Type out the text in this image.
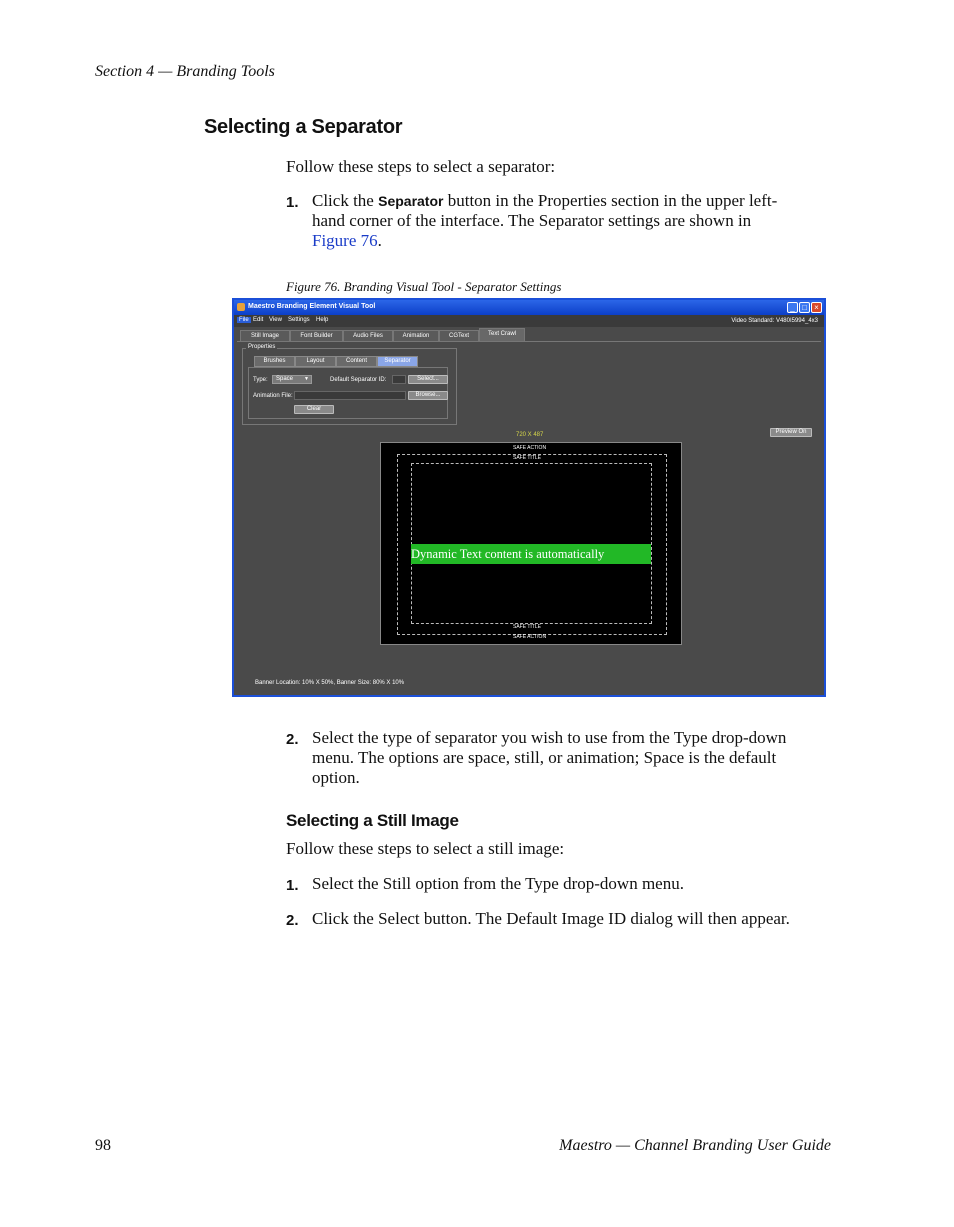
Section 4 — Branding Tools
Selecting a Separator
Follow these steps to select a separator:
1. Click the Separator button in the Properties section in the upper left-
hand corner of the interface. The Separator settings are shown in
Figure 76.
Figure 76. Branding Visual Tool - Separator Settings
Maestro Branding Element Visual Tool	_ □ ×
File Edit View Settings Help	Video Standard: V480I5994_4x3
Still Image	Font Builder	Audio Files	Animation	CGText	Text Crawl
Properties
Brushes	Layout	Content	Separator
Type:	Space ▼	Default Separator ID:	Select...
Animation File:	Browse...
Clear
Preview On
720 X 487
SAFE ACTION
SAFE TITLE
Dynamic Text content is automatically
SAFE TITLE
SAFE ACTION
Banner Location: 10% X 50%, Banner Size: 80% X 10%
2. Select the type of separator you wish to use from the Type drop-down
menu. The options are space, still, or animation; Space is the default
option.
Selecting a Still Image
Follow these steps to select a still image:
1. Select the Still option from the Type drop-down menu.
2. Click the Select button. The Default Image ID dialog will then appear.
98	Maestro — Channel Branding User Guide
